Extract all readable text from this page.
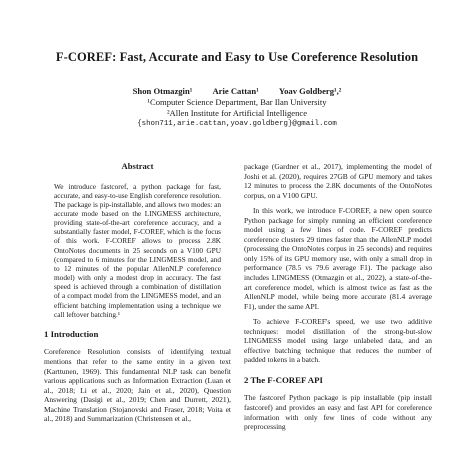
F-COREF: Fast, Accurate and Easy to Use Coreference Resolution
Shon Otmazgin¹ Arie Cattan¹ Yoav Goldberg¹,²
¹Computer Science Department, Bar Ilan University
²Allen Institute for Artificial Intelligence
{shon711,arie.cattan,yoav.goldberg}@gmail.com
Abstract

We introduce fastcoref, a python package for fast, accurate, and easy-to-use English coreference resolution. The package is pip-installable, and allows two modes: an accurate mode based on the LINGMESS architecture, providing state-of-the-art coreference accuracy, and a substantially faster model, F-COREF, which is the focus of this work. F-COREF allows to process 2.8K OntoNotes documents in 25 seconds on a V100 GPU (compared to 6 minutes for the LINGMESS model, and to 12 minutes of the popular AllenNLP coreference model) with only a modest drop in accuracy. The fast speed is achieved through a combination of distillation of a compact model from the LINGMESS model, and an efficient batching implementation using a technique we call leftover batching.¹

1 Introduction

Coreference Resolution consists of identifying textual mentions that refer to the same entity in a given text (Karttunen, 1969). This fundamental NLP task can benefit various applications such as Information Extraction (Luan et al., 2018; Li et al., 2020; Jain et al., 2020), Question Answering (Dasigi et al., 2019; Chen and Durrett, 2021), Machine Translation (Stojanovski and Fraser, 2018; Voita et al., 2018) and Summarization (Christensen et al.,

package (Gardner et al., 2017), implementing the model of Joshi et al. (2020), requires 27GB of GPU memory and takes 12 minutes to process the 2.8K documents of the OntoNotes corpus, on a V100 GPU.

In this work, we introduce F-COREF, a new open source Python package for simply running an efficient coreference model using a few lines of code. F-COREF predicts coreference clusters 29 times faster than the AllenNLP model (processing the OntoNotes corpus in 25 seconds) and requires only 15% of its GPU memory use, with only a small drop in performance (78.5 vs 79.6 average F1). The package also includes LINGMESS (Otmazgin et al., 2022), a state-of-the-art coreference model, which is almost twice as fast as the AllenNLP model, while being more accurate (81.4 average F1), under the same API.

To achieve F-COREF's speed, we use two additive techniques: model distillation of the strong-but-slow LINGMESS model using large unlabeled data, and an effective batching technique that reduces the number of padded tokens in a batch.

2 The F-COREF API

The fastcoref Python package is pip installable (pip install fastcoref) and provides an easy and fast API for coreference information with only few lines of code without any preprocessing
